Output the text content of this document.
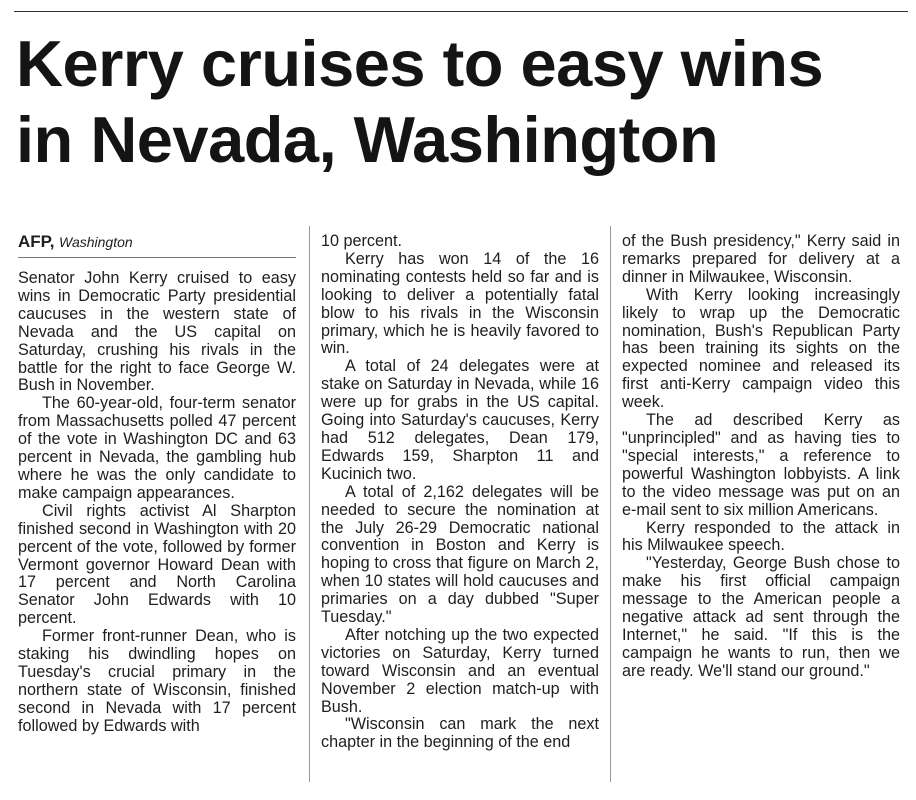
Kerry cruises to easy wins
in Nevada, Washington
AFP, Washington

Senator John Kerry cruised to easy wins in Democratic Party presidential caucuses in the western state of Nevada and the US capital on Saturday, crushing his rivals in the battle for the right to face George W. Bush in November.

The 60-year-old, four-term senator from Massachusetts polled 47 percent of the vote in Washington DC and 63 percent in Nevada, the gambling hub where he was the only candidate to make campaign appearances.

Civil rights activist Al Sharpton finished second in Washington with 20 percent of the vote, followed by former Vermont governor Howard Dean with 17 percent and North Carolina Senator John Edwards with 10 percent.

Former front-runner Dean, who is staking his dwindling hopes on Tuesday's crucial primary in the northern state of Wisconsin, finished second in Nevada with 17 percent followed by Edwards with

10 percent.

Kerry has won 14 of the 16 nominating contests held so far and is looking to deliver a potentially fatal blow to his rivals in the Wisconsin primary, which he is heavily favored to win.

A total of 24 delegates were at stake on Saturday in Nevada, while 16 were up for grabs in the US capital. Going into Saturday's caucuses, Kerry had 512 delegates, Dean 179, Edwards 159, Sharpton 11 and Kucinich two.

A total of 2,162 delegates will be needed to secure the nomination at the July 26-29 Democratic national convention in Boston and Kerry is hoping to cross that figure on March 2, when 10 states will hold caucuses and primaries on a day dubbed "Super Tuesday."

After notching up the two expected victories on Saturday, Kerry turned toward Wisconsin and an eventual November 2 election match-up with Bush.

"Wisconsin can mark the next chapter in the beginning of the end

of the Bush presidency," Kerry said in remarks prepared for delivery at a dinner in Milwaukee, Wisconsin.

With Kerry looking increasingly likely to wrap up the Democratic nomination, Bush's Republican Party has been training its sights on the expected nominee and released its first anti-Kerry campaign video this week.

The ad described Kerry as "unprincipled" and as having ties to "special interests," a reference to powerful Washington lobbyists. A link to the video message was put on an e-mail sent to six million Americans.

Kerry responded to the attack in his Milwaukee speech.

"Yesterday, George Bush chose to make his first official campaign message to the American people a negative attack ad sent through the Internet," he said. "If this is the campaign he wants to run, then we are ready. We'll stand our ground."
